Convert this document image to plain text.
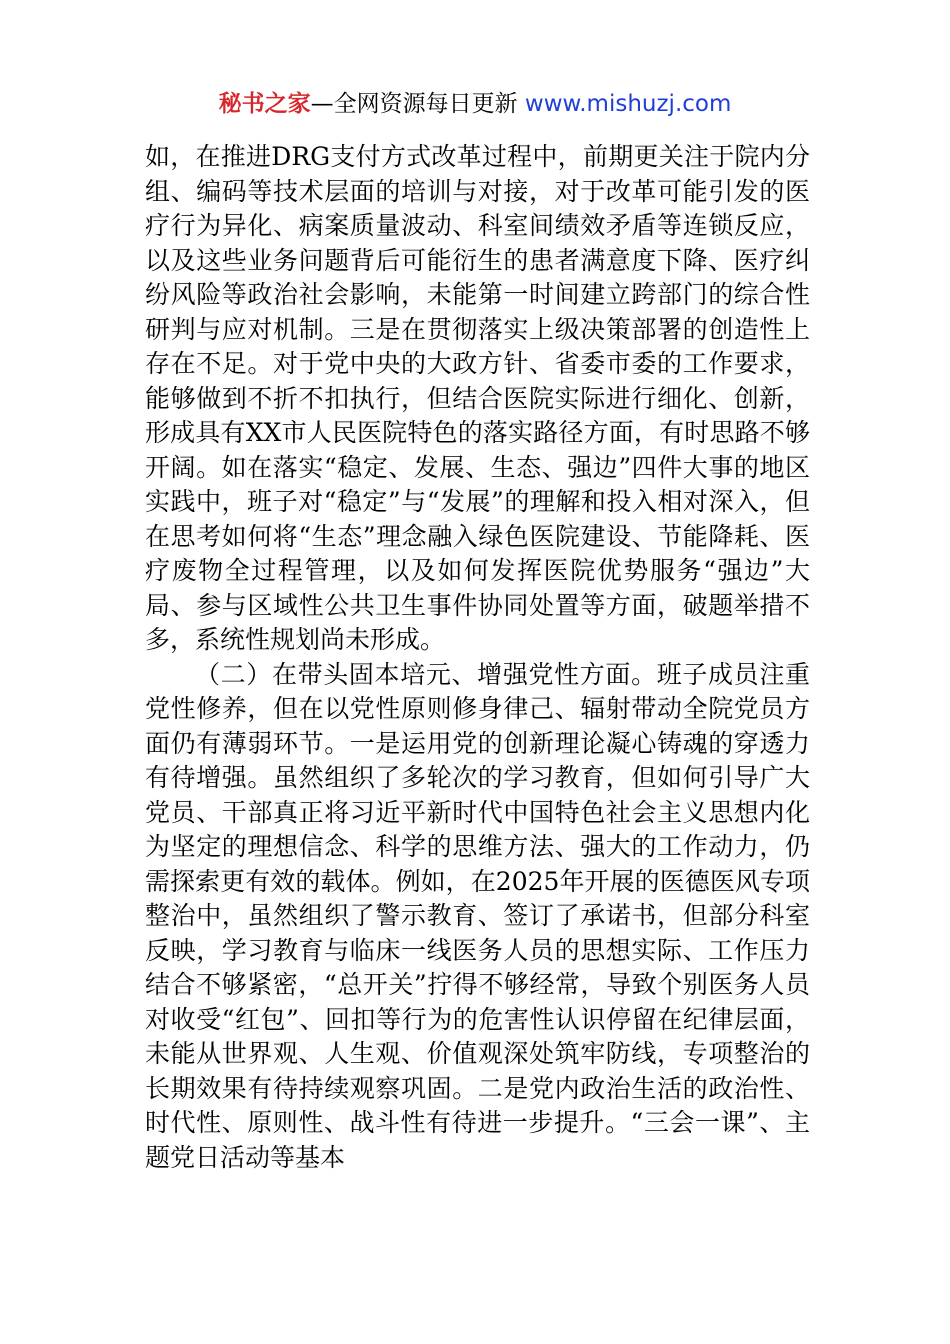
秘书之家—全网资源每日更新 www.mishuzj.com

如，在推进DRG支付方式改革过程中，前期更关注于院内分组、编码等技术层面的培训与对接，对于改革可能引发的医疗行为异化、病案质量波动、科室间绩效矛盾等连锁反应，以及这些业务问题背后可能衍生的患者满意度下降、医疗纠纷风险等政治社会影响，未能第一时间建立跨部门的综合性研判与应对机制。三是在贯彻落实上级决策部署的创造性上存在不足。对于党中央的大政方针、省委市委的工作要求，能够做到不折不扣执行，但结合医院实际进行细化、创新，形成具有XX市人民医院特色的落实路径方面，有时思路不够开阔。如在落实“稳定、发展、生态、强边”四件大事的地区实践中，班子对“稳定”与“发展”的理解和投入相对深入，但在思考如何将“生态”理念融入绿色医院建设、节能降耗、医疗废物全过程管理，以及如何发挥医院优势服务“强边”大局、参与区域性公共卫生事件协同处置等方面，破题举措不多，系统性规划尚未形成。

（二）在带头固本培元、增强党性方面。班子成员注重党性修养，但在以党性原则修身律己、辐射带动全院党员方面仍有薄弱环节。一是运用党的创新理论凝心铸魂的穿透力有待增强。虽然组织了多轮次的学习教育，但如何引导广大党员、干部真正将习近平新时代中国特色社会主义思想内化为坚定的理想信念、科学的思维方法、强大的工作动力，仍需探索更有效的载体。例如，在2025年开展的医德医风专项整治中，虽然组织了警示教育、签订了承诺书，但部分科室反映，学习教育与临床一线医务人员的思想实际、工作压力结合不够紧密，“总开关”拧得不够经常，导致个别医务人员对收受“红包”、回扣等行为的危害性认识停留在纪律层面，未能从世界观、人生观、价值观深处筑牢防线，专项整治的长期效果有待持续观察巩固。二是党内政治生活的政治性、时代性、原则性、战斗性有待进一步提升。“三会一课”、主题党日活动等基本
